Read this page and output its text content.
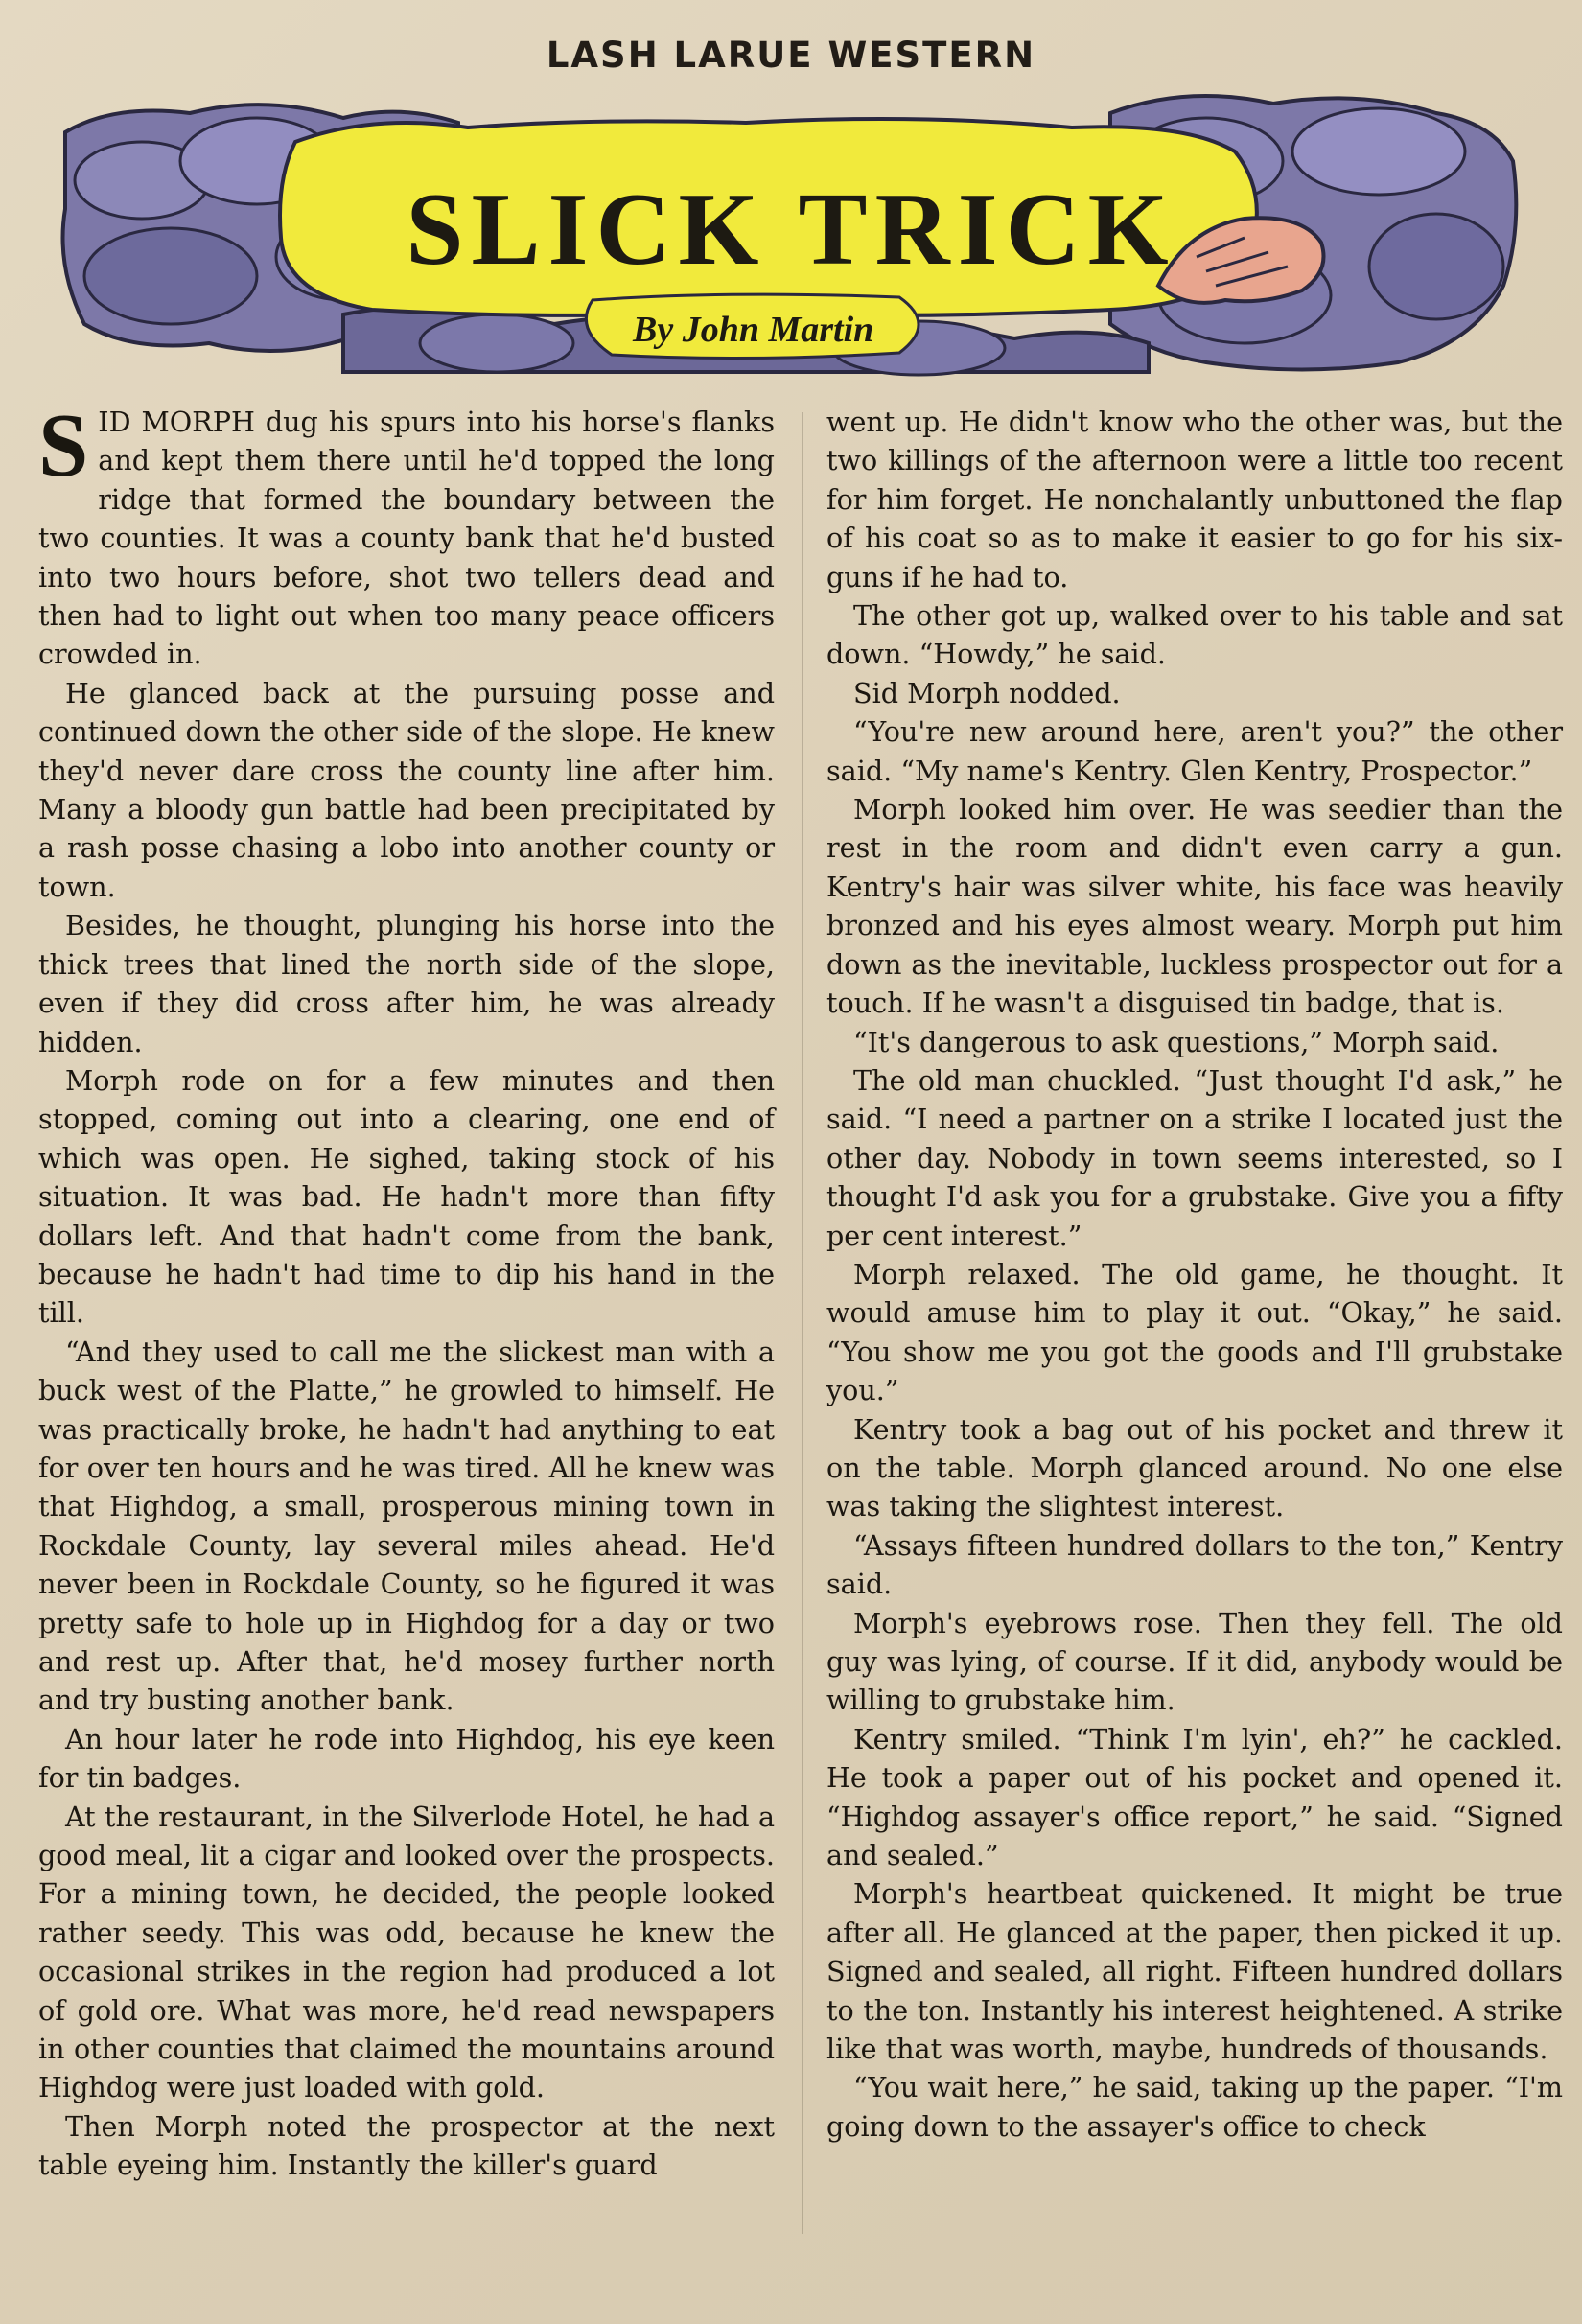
LASH LARUE WESTERN
SLICK TRICK
By John Martin

SID MORPH dug his spurs into his horse's flanks and kept them there until he'd topped the long ridge that formed the boundary between the two counties. It was a county bank that he'd busted into two hours before, shot two tellers dead and then had to light out when too many peace officers crowded in.

He glanced back at the pursuing posse and continued down the other side of the slope. He knew they'd never dare cross the county line after him. Many a bloody gun battle had been precipitated by a rash posse chasing a lobo into another county or town.

Besides, he thought, plunging his horse into the thick trees that lined the north side of the slope, even if they did cross after him, he was already hidden.

Morph rode on for a few minutes and then stopped, coming out into a clearing, one end of which was open. He sighed, taking stock of his situation. It was bad. He hadn't more than fifty dollars left. And that hadn't come from the bank, because he hadn't had time to dip his hand in the till.

“And they used to call me the slickest man with a buck west of the Platte,” he growled to himself. He was practically broke, he hadn't had anything to eat for over ten hours and he was tired. All he knew was that Highdog, a small, prosperous mining town in Rockdale County, lay several miles ahead. He'd never been in Rockdale County, so he figured it was pretty safe to hole up in Highdog for a day or two and rest up. After that, he'd mosey further north and try busting another bank.

An hour later he rode into Highdog, his eye keen for tin badges.

At the restaurant, in the Silverlode Hotel, he had a good meal, lit a cigar and looked over the prospects. For a mining town, he decided, the people looked rather seedy. This was odd, because he knew the occasional strikes in the region had produced a lot of gold ore. What was more, he'd read newspapers in other counties that claimed the mountains around Highdog were just loaded with gold.

Then Morph noted the prospector at the next table eyeing him. Instantly the killer's guard

went up. He didn't know who the other was, but the two killings of the afternoon were a little too recent for him forget. He nonchalantly unbuttoned the flap of his coat so as to make it easier to go for his six-guns if he had to.

The other got up, walked over to his table and sat down. “Howdy,” he said.

Sid Morph nodded.

“You're new around here, aren't you?” the other said. “My name's Kentry. Glen Kentry, Prospector.”

Morph looked him over. He was seedier than the rest in the room and didn't even carry a gun. Kentry's hair was silver white, his face was heavily bronzed and his eyes almost weary. Morph put him down as the inevitable, luckless prospector out for a touch. If he wasn't a disguised tin badge, that is.

“It's dangerous to ask questions,” Morph said.

The old man chuckled. “Just thought I'd ask,” he said. “I need a partner on a strike I located just the other day. Nobody in town seems interested, so I thought I'd ask you for a grubstake. Give you a fifty per cent interest.”

Morph relaxed. The old game, he thought. It would amuse him to play it out. “Okay,” he said. “You show me you got the goods and I'll grubstake you.”

Kentry took a bag out of his pocket and threw it on the table. Morph glanced around. No one else was taking the slightest interest.

“Assays fifteen hundred dollars to the ton,” Kentry said.

Morph's eyebrows rose. Then they fell. The old guy was lying, of course. If it did, anybody would be willing to grubstake him.

Kentry smiled. “Think I'm lyin', eh?” he cackled. He took a paper out of his pocket and opened it. “Highdog assayer's office report,” he said. “Signed and sealed.”

Morph's heartbeat quickened. It might be true after all. He glanced at the paper, then picked it up. Signed and sealed, all right. Fifteen hundred dollars to the ton. Instantly his interest heightened. A strike like that was worth, maybe, hundreds of thousands.

“You wait here,” he said, taking up the paper. “I'm going down to the assayer's office to check
